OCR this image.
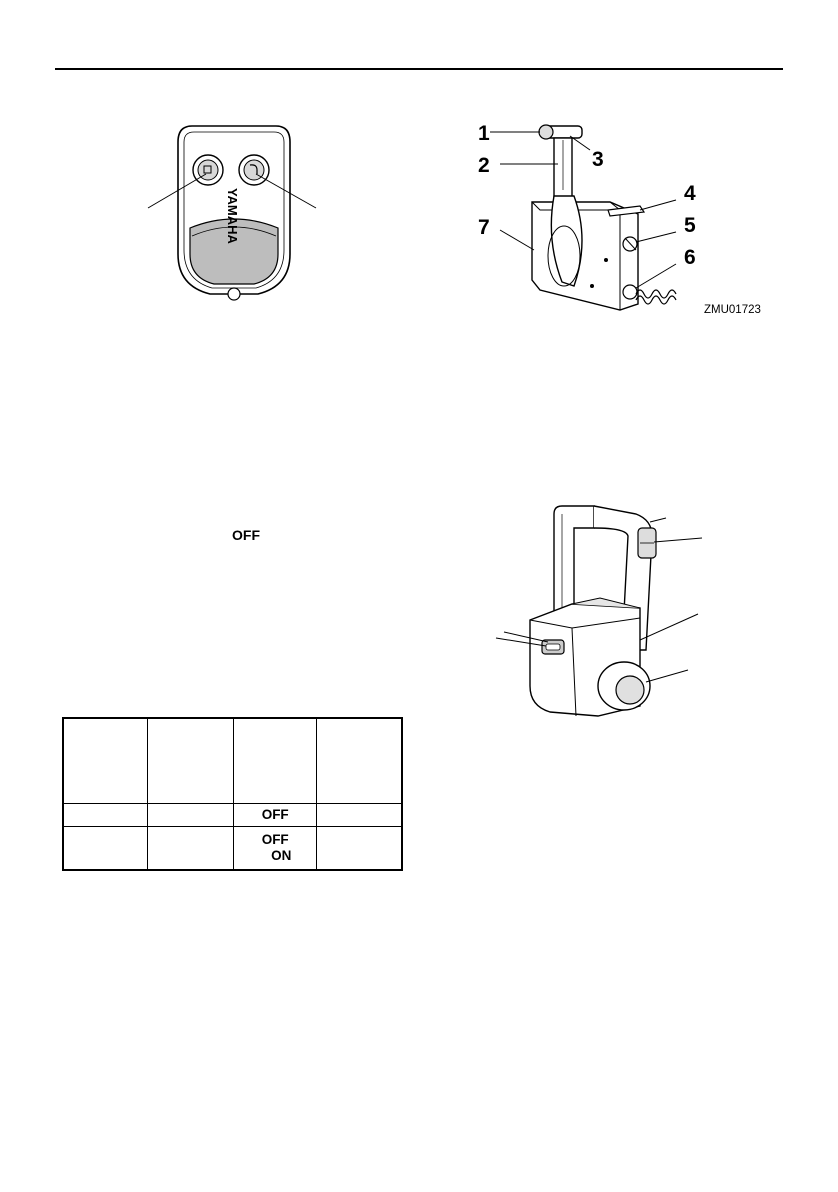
YAMAHA
1
2	3
4
5
6
7
ZMU01723
OFF

		OFF	

		OFF
ON	
